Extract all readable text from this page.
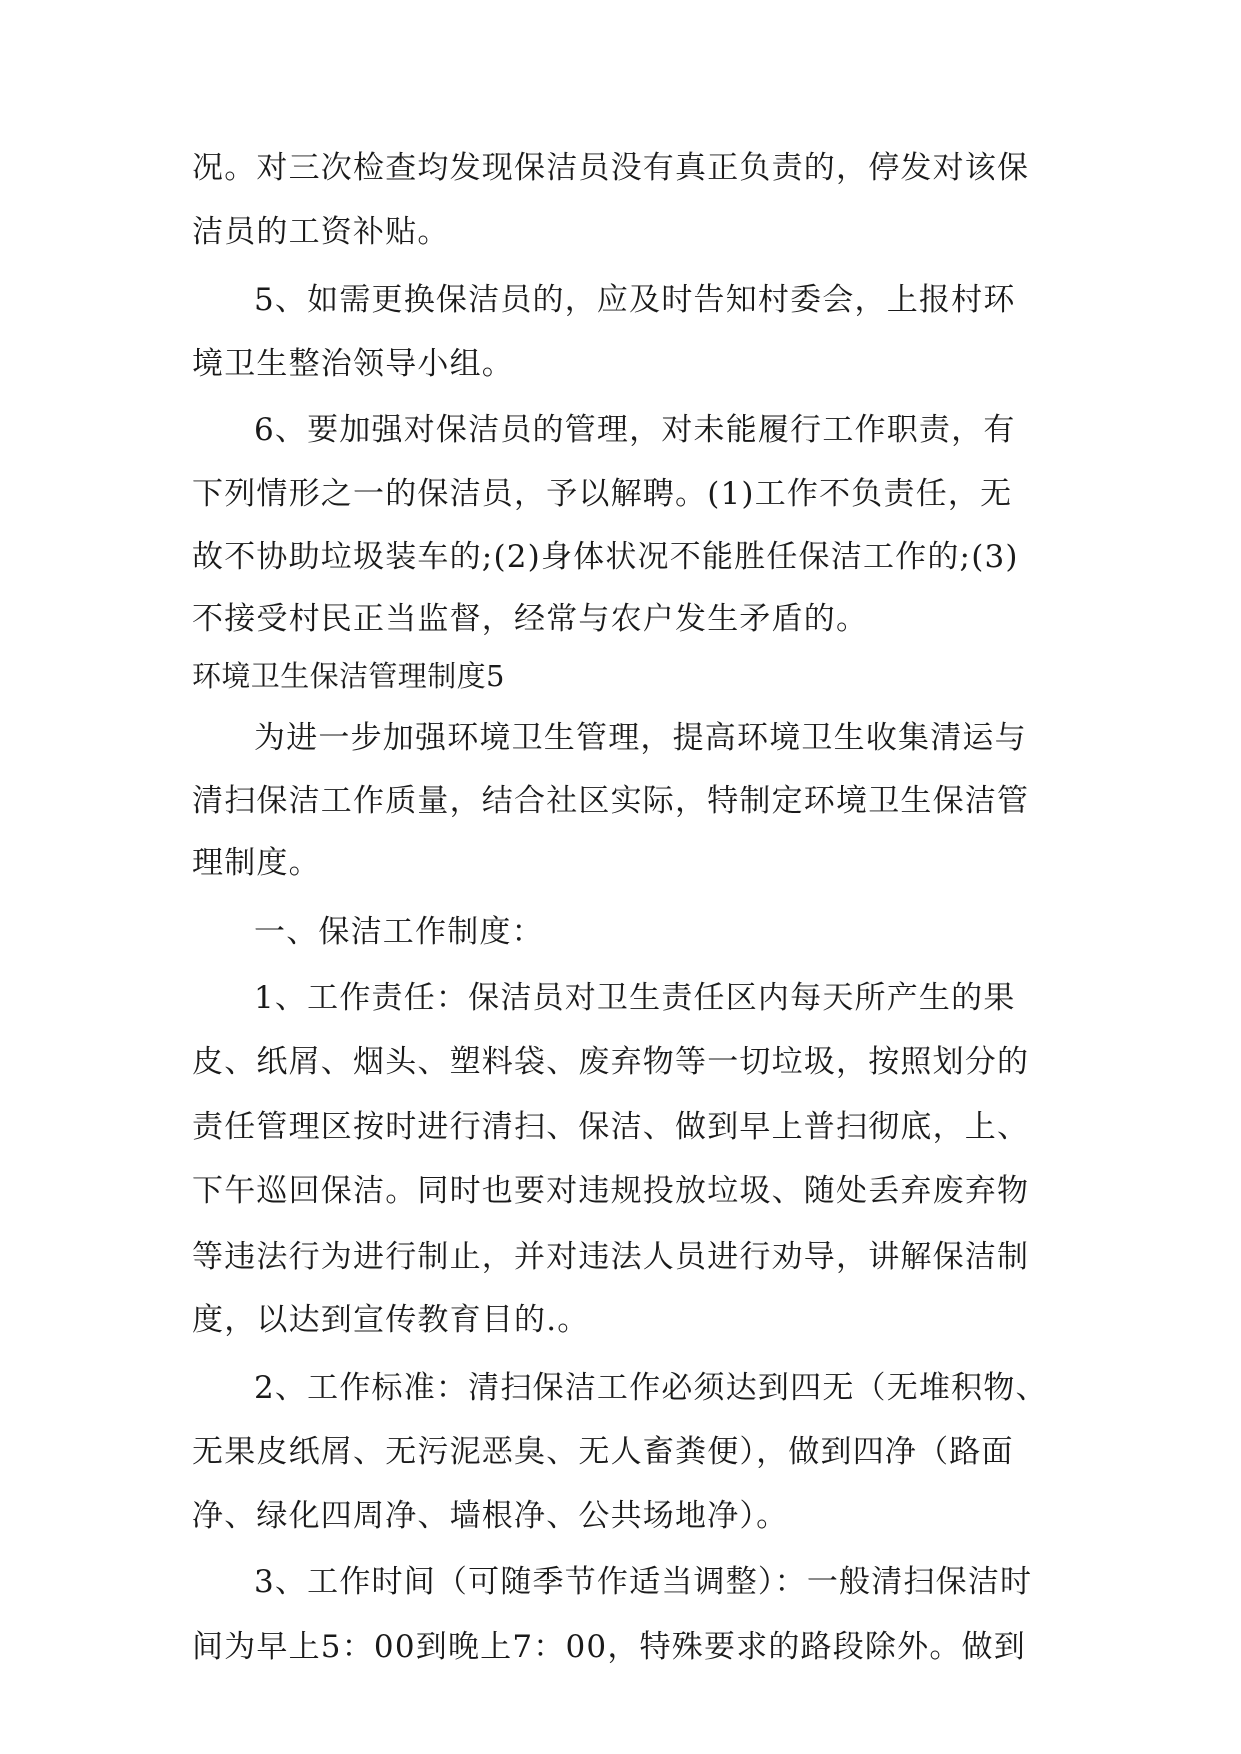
况。对三次检查均发现保洁员没有真正负责的，停发对该保
洁员的工资补贴。
5、如需更换保洁员的，应及时告知村委会，上报村环
境卫生整治领导小组。
6、要加强对保洁员的管理，对未能履行工作职责，有
下列情形之一的保洁员，予以解聘。(1)工作不负责任，无
故不协助垃圾装车的;(2)身体状况不能胜任保洁工作的;(3)
不接受村民正当监督，经常与农户发生矛盾的。
环境卫生保洁管理制度5
为进一步加强环境卫生管理，提高环境卫生收集清运与
清扫保洁工作质量，结合社区实际，特制定环境卫生保洁管
理制度。
一、保洁工作制度：
1、工作责任：保洁员对卫生责任区内每天所产生的果
皮、纸屑、烟头、塑料袋、废弃物等一切垃圾，按照划分的
责任管理区按时进行清扫、保洁、做到早上普扫彻底，上、
下午巡回保洁。同时也要对违规投放垃圾、随处丢弃废弃物
等违法行为进行制止，并对违法人员进行劝导，讲解保洁制
度，以达到宣传教育目的.。
2、工作标准：清扫保洁工作必须达到四无（无堆积物、
无果皮纸屑、无污泥恶臭、无人畜粪便），做到四净（路面
净、绿化四周净、墙根净、公共场地净）。
3、工作时间（可随季节作适当调整）：一般清扫保洁时
间为早上5：00到晚上7：00，特殊要求的路段除外。做到
